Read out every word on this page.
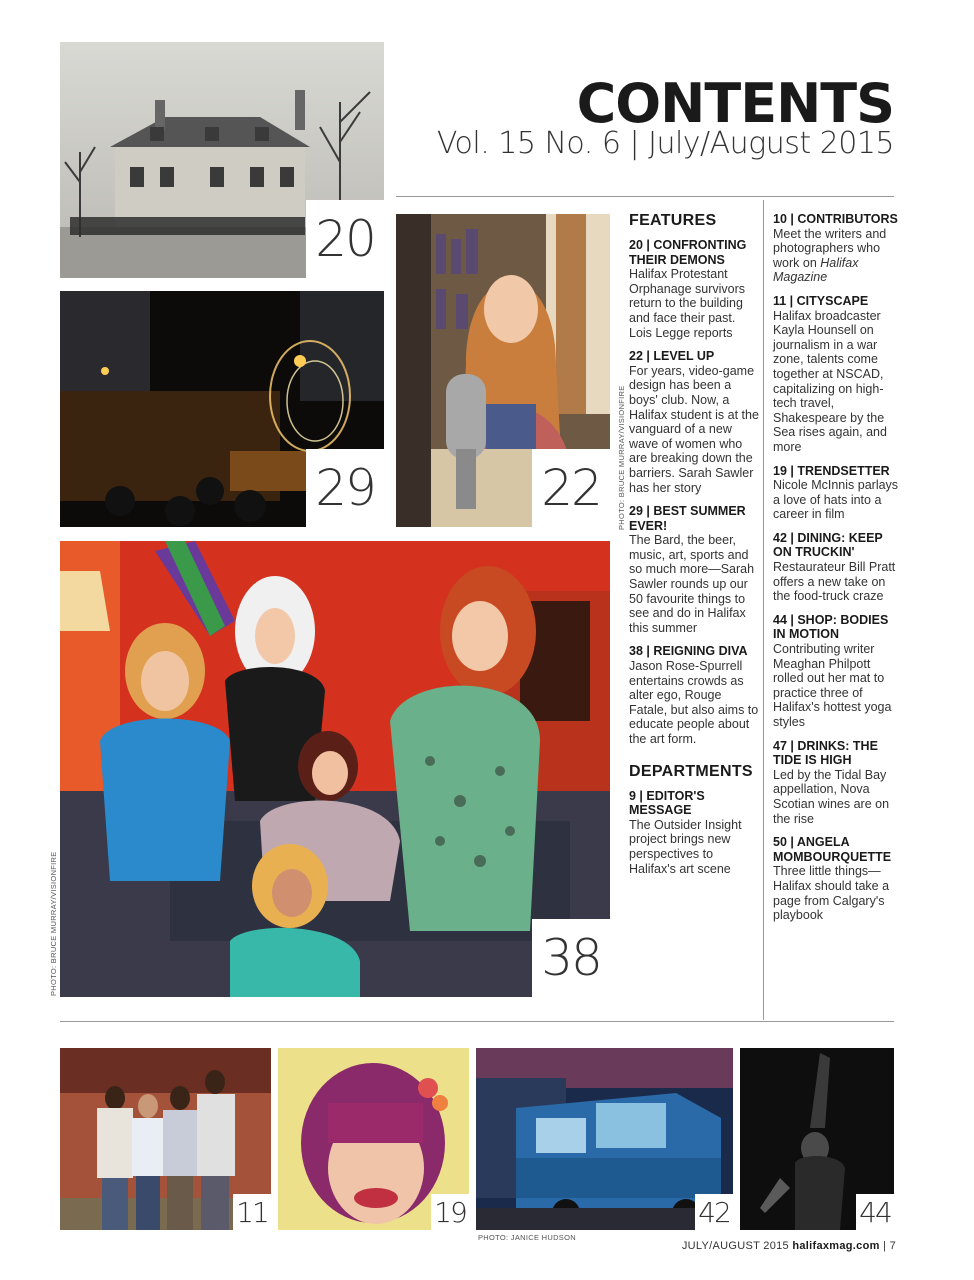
CONTENTS
Vol. 15 No. 6 | July/August 2015
20
29	22	PHOTO: BRUCE MURRAY/VISIONFIRE
38
PHOTO: BRUCE MURRAY/VISIONFIRE
FEATURES
20 | CONFRONTING THEIR DEMONS
Halifax Protestant Orphanage survivors return to the building and face their past. Lois Legge reports
22 | LEVEL UP
For years, video-game design has been a boys' club. Now, a Halifax student is at the vanguard of a new wave of women who are breaking down the barriers. Sarah Sawler has her story
29 | BEST SUMMER EVER!
The Bard, the beer, music, art, sports and so much more—Sarah Sawler rounds up our 50 favourite things to see and do in Halifax this summer
38 | REIGNING DIVA
Jason Rose-Spurrell entertains crowds as alter ego, Rouge Fatale, but also aims to educate people about the art form.
DEPARTMENTS
9 | EDITOR'S MESSAGE
The Outsider Insight project brings new perspectives to Halifax's art scene
10 | CONTRIBUTORS
Meet the writers and photographers who work on Halifax Magazine
11 | CITYSCAPE
Halifax broadcaster Kayla Hounsell on journalism in a war zone, talents come together at NSCAD, capitalizing on high-tech travel, Shakespeare by the Sea rises again, and more
19 | TRENDSETTER
Nicole McInnis parlays a love of hats into a career in film
42 | DINING: KEEP ON TRUCKIN'
Restaurateur Bill Pratt offers a new take on the food-truck craze
44 | SHOP: BODIES IN MOTION
Contributing writer Meaghan Philpott rolled out her mat to practice three of Halifax's hottest yoga styles
47 | DRINKS: THE TIDE IS HIGH
Led by the Tidal Bay appellation, Nova Scotian wines are on the rise
50 | ANGELA MOMBOURQUETTE
Three little things—Halifax should take a page from Calgary's playbook
11	19	42
PHOTO: JANICE HUDSON
44
JULY/AUGUST 2015 halifaxmag.com | 7
